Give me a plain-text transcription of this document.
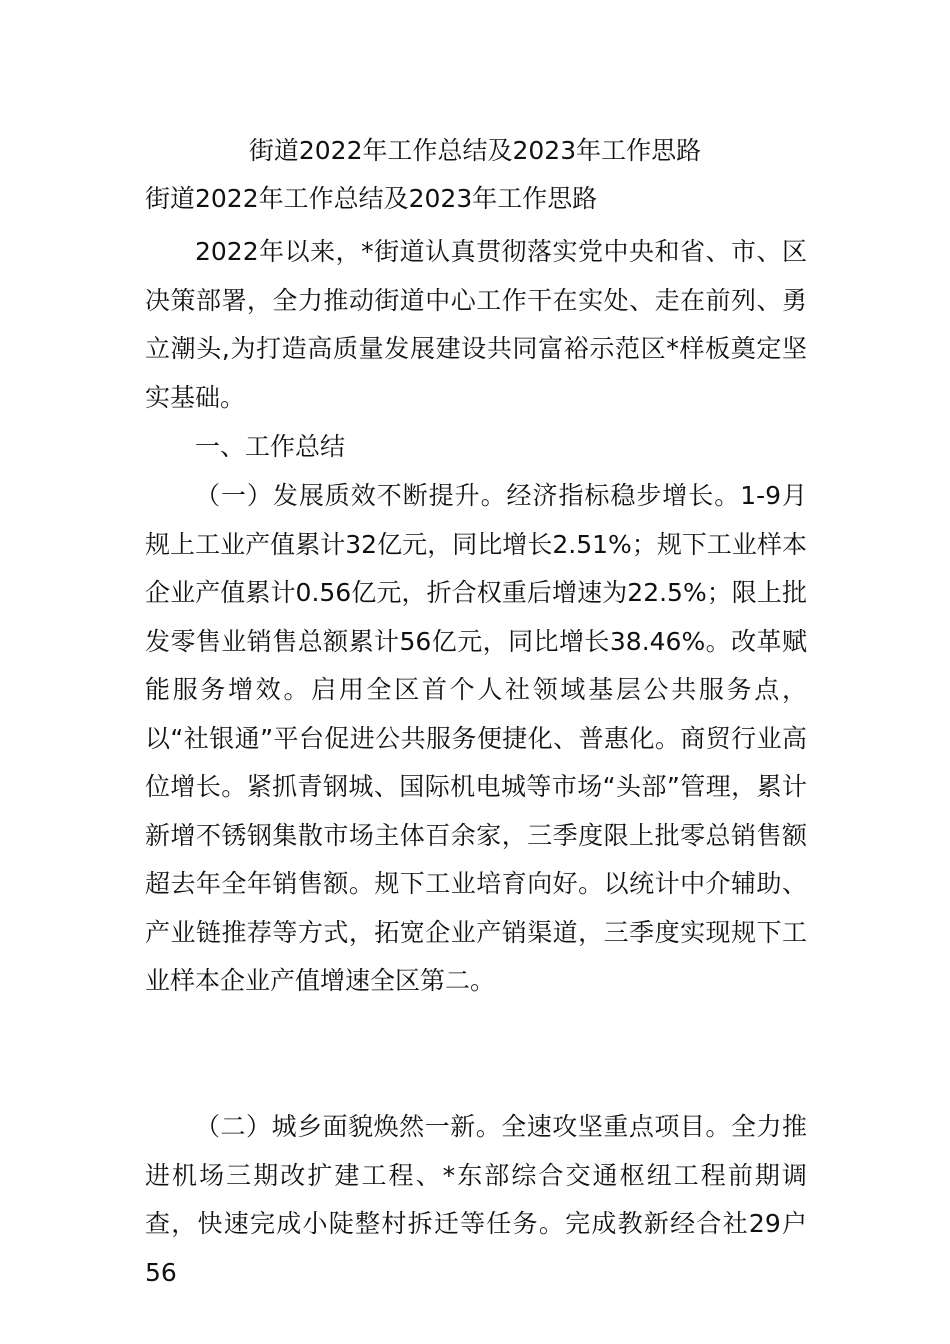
街道2022年工作总结及2023年工作思路
街道2022年工作总结及2023年工作思路

2022年以来，*街道认真贯彻落实党中央和省、市、区决策部署，全力推动街道中心工作干在实处、走在前列、勇立潮头,为打造高质量发展建设共同富裕示范区*样板奠定坚实基础。

一、工作总结

（一）发展质效不断提升。经济指标稳步增长。1-9月规上工业产值累计32亿元，同比增长2.51%；规下工业样本企业产值累计0.56亿元，折合权重后增速为22.5%；限上批发零售业销售总额累计56亿元，同比增长38.46%。改革赋能服务增效。启用全区首个人社领域基层公共服务点，以“社银通”平台促进公共服务便捷化、普惠化。商贸行业高位增长。紧抓青钢城、国际机电城等市场“头部”管理，累计新增不锈钢集散市场主体百余家，三季度限上批零总销售额超去年全年销售额。规下工业培育向好。以统计中介辅助、产业链推荐等方式，拓宽企业产销渠道，三季度实现规下工业样本企业产值增速全区第二。

（二）城乡面貌焕然一新。全速攻坚重点项目。全力推进机场三期改扩建工程、*东部综合交通枢纽工程前期调查，快速完成小陡整村拆迁等任务。完成教新经合社29户56
